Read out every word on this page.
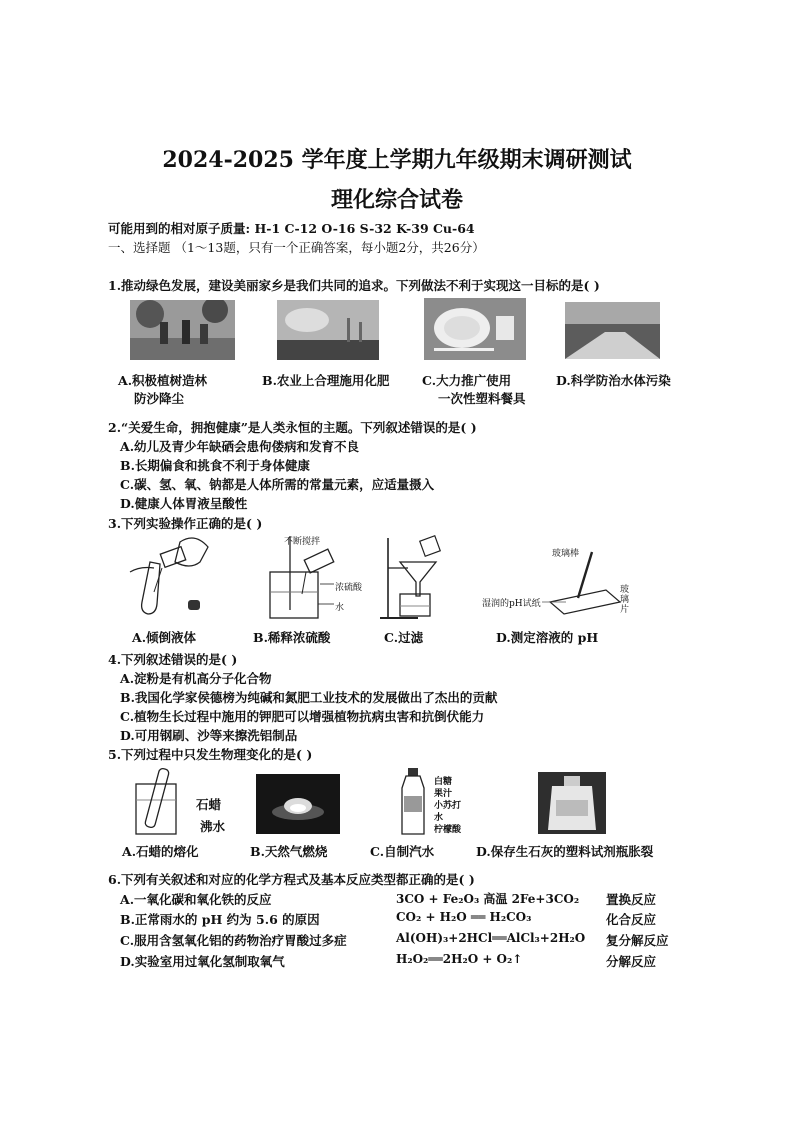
2024-2025 学年度上学期九年级期末调研测试
理化综合试卷
可能用到的相对原子质量: H-1 C-12 O-16 S-32 K-39 Cu-64
一、选择题 （1～13题，只有一个正确答案，每小题2分，共26分）
1.推动绿色发展，建设美丽家乡是我们共同的追求。下列做法不利于实现这一目标的是( )
A.积极植树造林
防沙降尘
B.农业上合理施用化肥	C.大力推广使用
一次性塑料餐具
D.科学防治水体污染
2.“关爱生命，拥抱健康”是人类永恒的主题。下列叙述错误的是( )
A.幼儿及青少年缺硒会患佝偻病和发育不良
B.长期偏食和挑食不利于身体健康
C.碳、氢、氧、钠都是人体所需的常量元素，应适量摄入
D.健康人体胃液呈酸性
3.下列实验操作正确的是( )
不断搅拌
浓硫酸
水
玻璃棒
玻
璃
片
湿润的pH试纸
A.倾倒液体	B.稀释浓硫酸	C.过滤	D.测定溶液的 pH
4.下列叙述错误的是( )
A.淀粉是有机高分子化合物
B.我国化学家侯德榜为纯碱和氮肥工业技术的发展做出了杰出的贡献
C.植物生长过程中施用的钾肥可以增强植物抗病虫害和抗倒伏能力
D.可用钢刷、沙等来擦洗铝制品
5.下列过程中只发生物理变化的是( )
石蜡
沸水
白糖
果汁
小苏打
水
柠檬酸
A.石蜡的熔化	B.天然气燃烧	C.自制汽水	D.保存生石灰的塑料试剂瓶胀裂
6.下列有关叙述和对应的化学方程式及基本反应类型都正确的是( )
A.一氧化碳和氧化铁的反应	3CO + Fe₂O₃ 高温 2Fe+3CO₂ 置换反应
B.正常雨水的 pH 约为 5.6 的原因	CO₂ + H₂O ══ H₂CO₃	化合反应
C.服用含氢氧化铝的药物治疗胃酸过多症	Al(OH)₃+2HCl══AlCl₃+2H₂O 复分解反应
D.实验室用过氧化氢制取氧气	H₂O₂══2H₂O + O₂↑	分解反应
